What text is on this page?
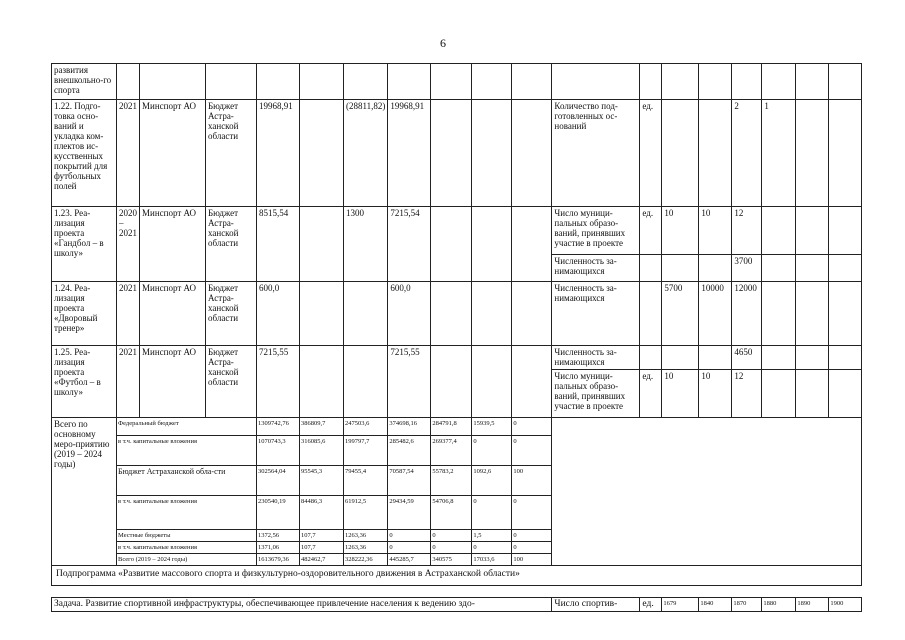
6
развития внешкольно-го спорта																		
1.22. Подго-товка осно-ваний и укладка ком-плектов ис-кусственных покрытий для футбольных полей	2021	Минспорт АО	Бюджет Астра-ханской области	19968,91		(28811,82)	19968,91				Количество под-готовленных ос-нований	ед.			2	1		
1.23. Реа-лизация проекта «Гандбол – в школу»	2020 – 2021	Минспорт АО	Бюджет Астра-ханской области	8515,54		1300	7215,54				Число муници-пальных образо-ваний, принявших участие в проекте	ед.	10	10	12			
											Численность за-нимающихся				3700			
1.24. Реа-лизация проекта «Дворовый тренер»	2021	Минспорт АО	Бюджет Астра-ханской области	600,0			600,0				Численность за-нимающихся		5700	10000	12000			
1.25. Реа-лизация проекта «Футбол – в школу»	2021	Минспорт АО	Бюджет Астра-ханской области	7215,55			7215,55				Численность за-нимающихся				4650			
											Число муници-пальных образо-ваний, принявших участие в проекте	ед.	10	10	12			
Всего по основному меро-приятию (2019 – 2024 годы)	Федеральный бюджет			1309742,76	386809,7	247503,6	374698,16	284791,8	15939,5	0								
	в т.ч. капитальные вложения			1070743,3	316085,6	199797,7	285482,6	269377,4	0	0								
	Бюджет Астраханской обла-сти			302564,04	95545,3	79455,4	70587,54	55783,2	1092,6	100								
	в т.ч. капитальные вложения			230540,19	84486,3	61912,5	29434,59	54706,8	0	0								
	Местные бюджеты			1372,56	107,7	1263,36	0	0	1,5	0								
	в т.ч. капитальные вложения			1371,06	107,7	1263,36	0	0	0	0								
	Всего (2019 – 2024 годы)			1613679,36	482462,7	328222,36	445285,7	340575	17033,6	100								
Подпрограмма «Развитие массового спорта и физкультурно-оздоровительного движения в Астраханской области»																		

Задача. Развитие спортивной инфраструктуры, обеспечивающее привлечение населения к ведению здо-											Число спортив-	ед.	1679	1840	1870	1880	1890	1900
